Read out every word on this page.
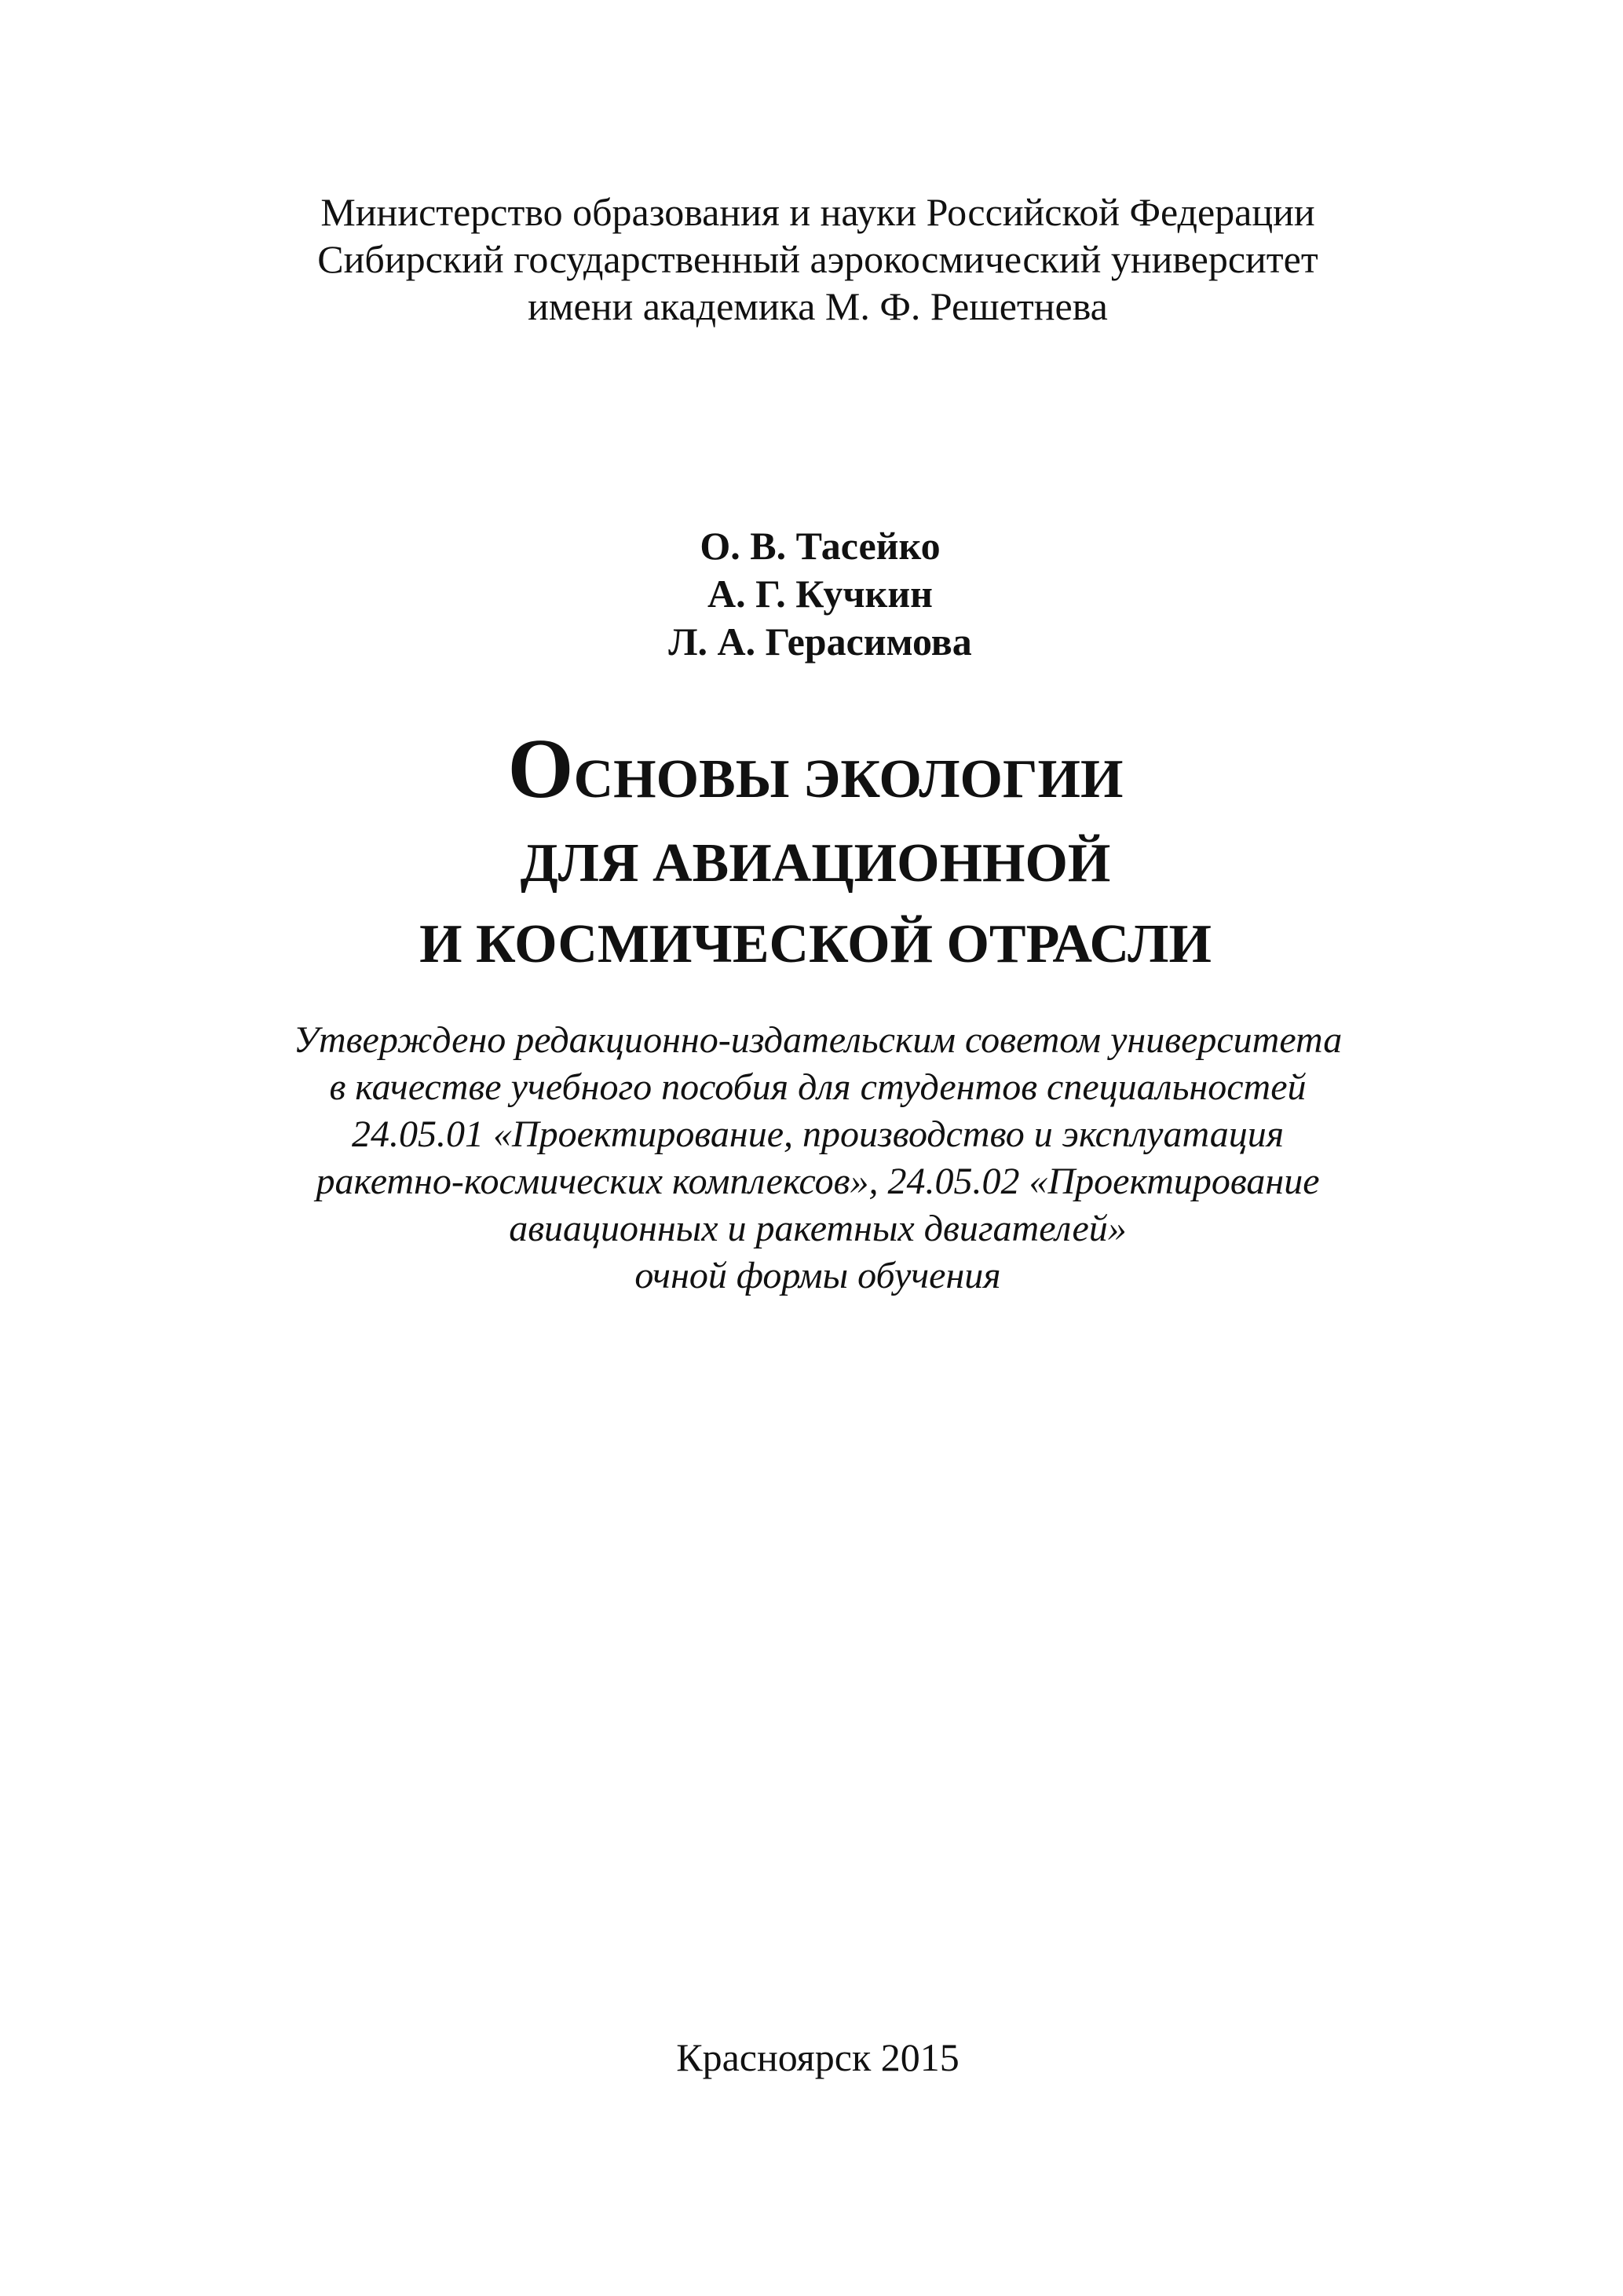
Министерство образования и науки Российской Федерации
Сибирский государственный аэрокосмический университет
имени академика М. Ф. Решетнева
О. В. Тасейко
А. Г. Кучкин
Л. А. Герасимова
ОСНОВЫ ЭКОЛОГИИ
ДЛЯ АВИАЦИОННОЙ
И КОСМИЧЕСКОЙ ОТРАСЛИ
Утверждено редакционно-издательским советом университета
в качестве учебного пособия для студентов специальностей
24.05.01 «Проектирование, производство и эксплуатация
ракетно-космических комплексов», 24.05.02 «Проектирование
авиационных и ракетных двигателей»
очной формы обучения
Красноярск 2015
